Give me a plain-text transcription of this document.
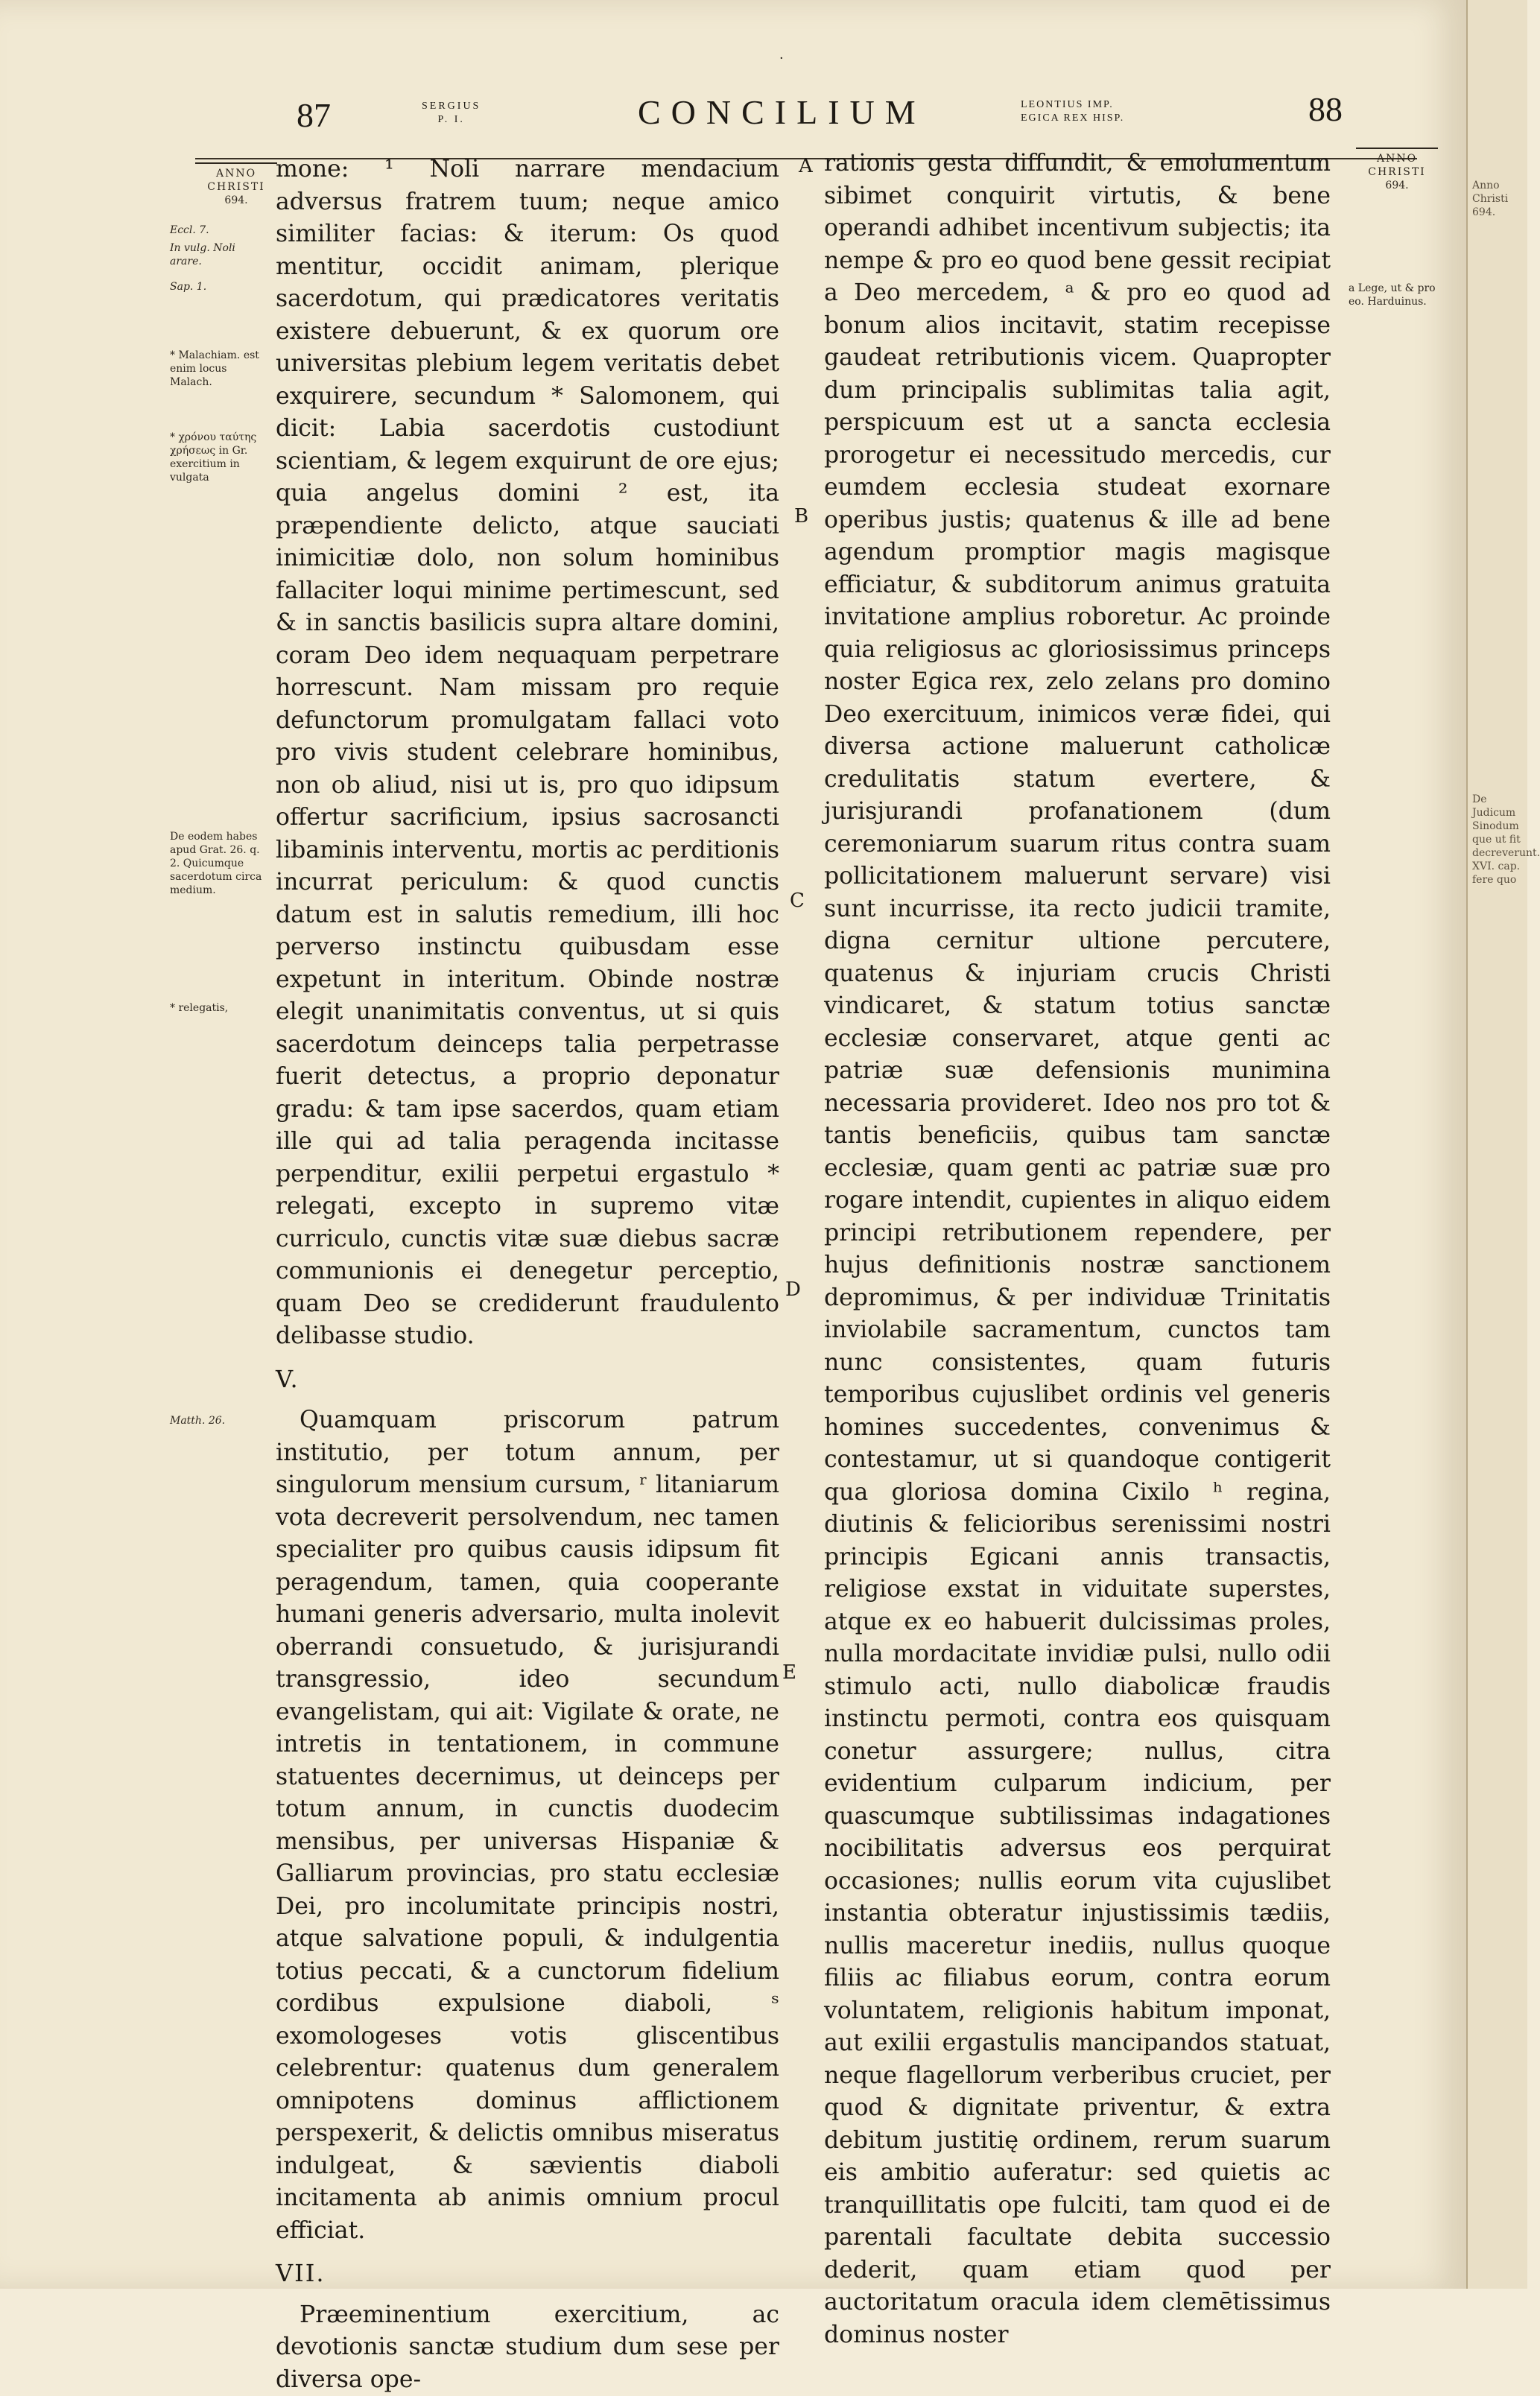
·
87	SERGIUS
P. I.	CONCILIUM	LEONTIUS IMP.
EGICA REX HISP.	88
ANNO
CHRISTI
694.
Eccl. 7.
In vulg. Noli arare.
Sap. 1.
* Malachiam. est enim locus Malach.
* χρόνου ταύτης χρήσεως in Gr. exercitium in vulgata
De eodem habes apud Grat. 26. q. 2. Quicumque sacerdotum circa medium.
* relegatis,
Matth. 26.
ANNO
CHRISTI
694.
a Lege, ut & pro eo. Harduinus.
A
B
C
D
E

mone: ¹ Noli narrare mendacium adversus fratrem tuum; neque amico similiter facias: & iterum: Os quod mentitur, occidit animam, plerique sacerdotum, qui prædicatores veritatis existere debuerunt, & ex quorum ore universitas plebium legem veritatis debet exquirere, secundum * Salomonem, qui dicit: Labia sacerdotis custodiunt scientiam, & legem exquirunt de ore ejus; quia angelus domini ² est, ita præpendiente delicto, atque sauciati inimicitiæ dolo, non solum hominibus fallaciter loqui minime pertimescunt, sed & in sanctis basilicis supra altare domini, coram Deo idem nequaquam perpetrare horrescunt. Nam missam pro requie defunctorum promulgatam fallaci voto pro vivis student celebrare hominibus, non ob aliud, nisi ut is, pro quo idipsum offertur sacrificium, ipsius sacrosancti libaminis interventu, mortis ac perditionis incurrat periculum: & quod cunctis datum est in salutis remedium, illi hoc perverso instinctu quibusdam esse expetunt in interitum. Obinde nostræ elegit unanimitatis conventus, ut si quis sacerdotum deinceps talia perpetrasse fuerit detectus, a proprio deponatur gradu: & tam ipse sacerdos, quam etiam ille qui ad talia peragenda incitasse perpenditur, exilii perpetui ergastulo * relegati, excepto in supremo vitæ curriculo, cunctis vitæ suæ diebus sacræ communionis ei denegetur perceptio, quam Deo se crediderunt fraudulento delibasse studio.

V.

Quamquam priscorum patrum institutio, per totum annum, per singulorum mensium cursum, ʳ litaniarum vota decreverit persolvendum, nec tamen specialiter pro quibus causis idipsum fit peragendum, tamen, quia cooperante humani generis adversario, multa inolevit oberrandi consuetudo, & jurisjurandi transgressio, ideo secundum evangelistam, qui ait: Vigilate & orate, ne intretis in tentationem, in commune statuentes decernimus, ut deinceps per totum annum, in cunctis duodecim mensibus, per universas Hispaniæ & Galliarum provincias, pro statu ecclesiæ Dei, pro incolumitate principis nostri, atque salvatione populi, & indulgentia totius peccati, & a cunctorum fidelium cordibus expulsione diaboli, ˢ exomologeses votis gliscentibus celebrentur: quatenus dum generalem omnipotens dominus afflictionem perspexerit, & delictis omnibus miseratus indulgeat, & sævientis diaboli incitamenta ab animis omnium procul efficiat.

VII.

Præeminentium exercitium, ac devotionis sanctæ studium dum sese per diversa ope-

rationis gesta diffundit, & emolumentum sibimet conquirit virtutis, & bene operandi adhibet incentivum subjectis; ita nempe & pro eo quod bene gessit recipiat a Deo mercedem, ᵃ & pro eo quod ad bonum alios incitavit, statim recepisse gaudeat retributionis vicem. Quapropter dum principalis sublimitas talia agit, perspicuum est ut a sancta ecclesia prorogetur ei necessitudo mercedis, cur eumdem ecclesia studeat exornare operibus justis; quatenus & ille ad bene agendum promptior magis magisque efficiatur, & subditorum animus gratuita invitatione amplius roboretur. Ac proinde quia religiosus ac gloriosissimus princeps noster Egica rex, zelo zelans pro domino Deo exercituum, inimicos veræ fidei, qui diversa actione maluerunt catholicæ credulitatis statum evertere, & jurisjurandi profanationem (dum ceremoniarum suarum ritus contra suam pollicitationem maluerunt servare) visi sunt incurrisse, ita recto judicii tramite, digna cernitur ultione percutere, quatenus & injuriam crucis Christi vindicaret, & statum totius sanctæ ecclesiæ conservaret, atque genti ac patriæ suæ defensionis munimina necessaria provideret. Ideo nos pro tot & tantis beneficiis, quibus tam sanctæ ecclesiæ, quam genti ac patriæ suæ pro rogare intendit, cupientes in aliquo eidem principi retributionem rependere, per hujus definitionis nostræ sanctionem depromimus, & per individuæ Trinitatis inviolabile sacramentum, cunctos tam nunc consistentes, quam futuris temporibus cujuslibet ordinis vel generis homines succedentes, convenimus & contestamur, ut si quandoque contigerit qua gloriosa domina Cixilo ʰ regina, diutinis & felicioribus serenissimi nostri principis Egicani annis transactis, religiose exstat in viduitate superstes, atque ex eo habuerit dulcissimas proles, nulla mordacitate invidiæ pulsi, nullo odii stimulo acti, nullo diabolicæ fraudis instinctu permoti, contra eos quisquam conetur assurgere; nullus, citra evidentium culparum indicium, per quascumque subtilissimas indagationes nocibilitatis adversus eos perquirat occasiones; nullis eorum vita cujuslibet instantia obteratur injustissimis tædiis, nullis maceretur inediis, nullus quoque filiis ac filiabus eorum, contra eorum voluntatem, religionis habitum imponat, aut exilii ergastulis mancipandos statuat, neque flagellorum verberibus cruciet, per quod & dignitate priventur, & extra debitum justitię ordinem, rerum suarum eis ambitio auferatur: sed quietis ac tranquillitatis ope fulciti, tam quod ei de parentali facultate debita successio dederit, quam etiam quod per auctoritatum oracula idem clemētissimus dominus noster

Anno Christi 694.
De Judicum Sinodum que ut fit decreverunt. XVI. cap. fere quo
